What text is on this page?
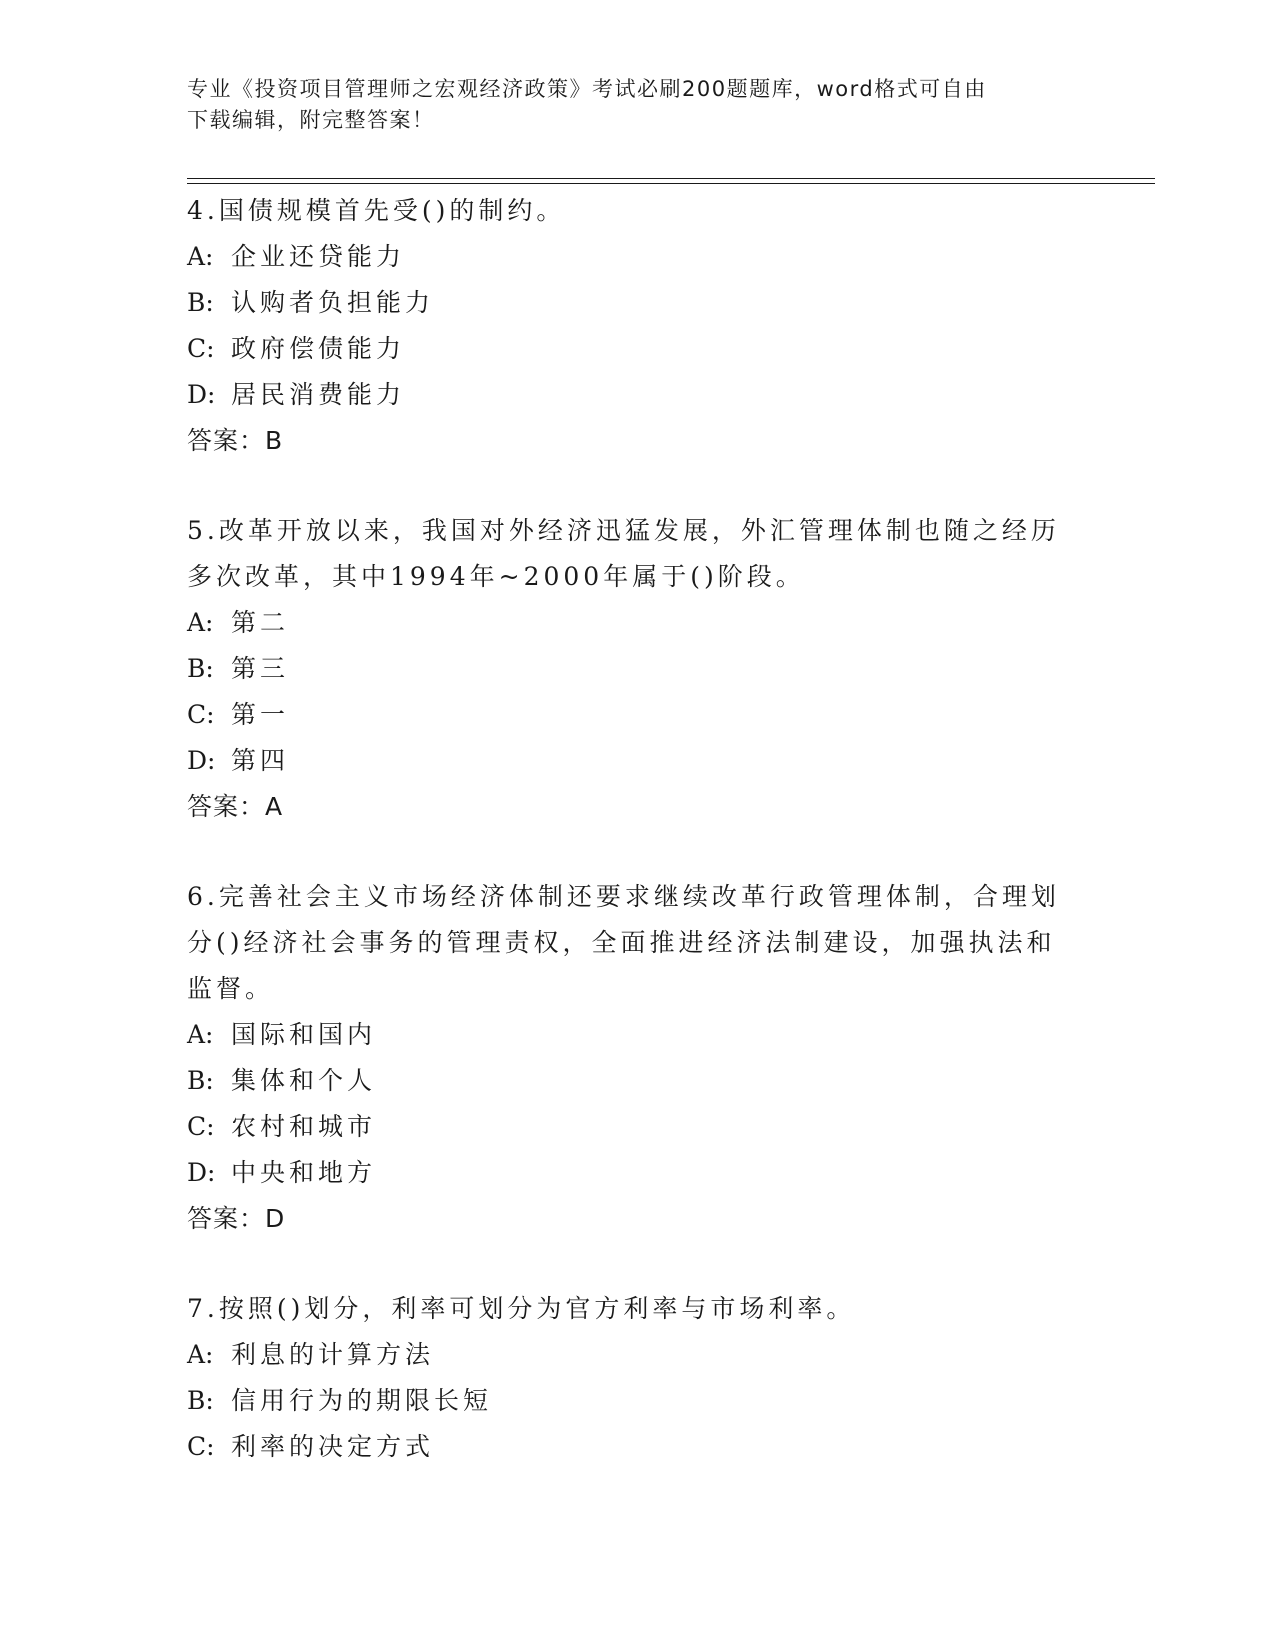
专业《投资项目管理师之宏观经济政策》考试必刷200题题库，word格式可自由
下载编辑，附完整答案！
4.国债规模首先受()的制约。
A: 企业还贷能力
B: 认购者负担能力
C: 政府偿债能力
D: 居民消费能力
答案：B
5.改革开放以来，我国对外经济迅猛发展，外汇管理体制也随之经历多次改革，其中1994年~2000年属于()阶段。
A: 第二
B: 第三
C: 第一
D: 第四
答案：A
6.完善社会主义市场经济体制还要求继续改革行政管理体制，合理划分()经济社会事务的管理责权，全面推进经济法制建设，加强执法和监督。
A: 国际和国内
B: 集体和个人
C: 农村和城市
D: 中央和地方
答案：D
7.按照()划分，利率可划分为官方利率与市场利率。
A: 利息的计算方法
B: 信用行为的期限长短
C: 利率的决定方式
